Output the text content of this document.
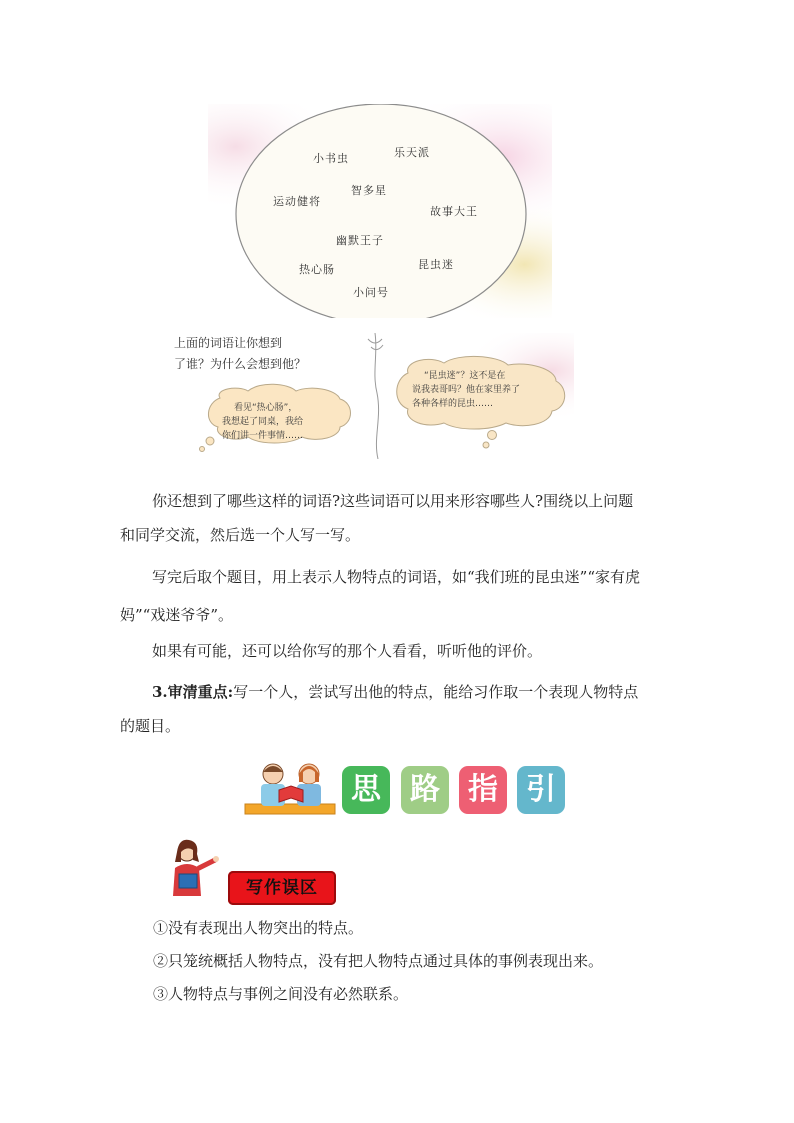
小书虫	乐天派
智多星
运动健将
故事大王
幽默王子
热心肠	昆虫迷
小问号
上面的词语让你想到
了谁？为什么会想到他？
看见“热心肠”，
我想起了同桌，我给
你们讲一件事情……
“昆虫迷”？这不是在
说我表哥吗？他在家里养了
各种各样的昆虫……
你还想到了哪些这样的词语?这些词语可以用来形容哪些人?围绕以上问题
和同学交流，然后选一个人写一写。
写完后取个题目，用上表示人物特点的词语，如“我们班的昆虫迷”“家有虎
妈”“戏迷爷爷”。
如果有可能，还可以给你写的那个人看看，听听他的评价。
3.审清重点:写一个人，尝试写出他的特点，能给习作取一个表现人物特点
的题目。
思 路 指 引
写作误区
①没有表现出人物突出的特点。
②只笼统概括人物特点，没有把人物特点通过具体的事例表现出来。
③人物特点与事例之间没有必然联系。
